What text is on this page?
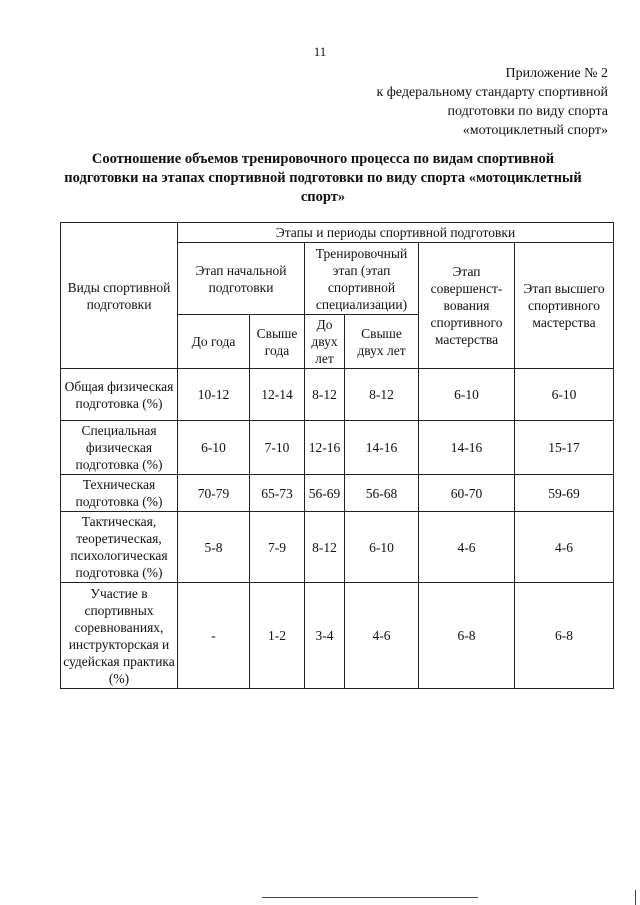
11
Приложение № 2
к федеральному стандарту спортивной
подготовки по виду спорта
«мотоциклетный спорт»
Соотношение объемов тренировочного процесса по видам спортивной
подготовки на этапах спортивной подготовки по виду спорта «мотоциклетный
спорт»
Виды спортивной подготовки	Этапы и периоды спортивной подготовки					
	Этап начальной подготовки		Тренировочный этап (этап спортивной специализации)		Этап совершенст-вования спортивного мастерства	Этап высшего спортивного мастерства
	До года	Свыше года	До двух лет	Свыше двух лет		
Общая физическая подготовка (%)	10-12	12-14	8-12	8-12	6-10	6-10
Специальная физическая подготовка (%)	6-10	7-10	12-16	14-16	14-16	15-17
Техническая подготовка (%)	70-79	65-73	56-69	56-68	60-70	59-69
Тактическая, теоретическая, психологическая подготовка (%)	5-8	7-9	8-12	6-10	4-6	4-6
Участие в спортивных соревнованиях, инструкторская и судейская практика (%)	-	1-2	3-4	4-6	6-8	6-8
